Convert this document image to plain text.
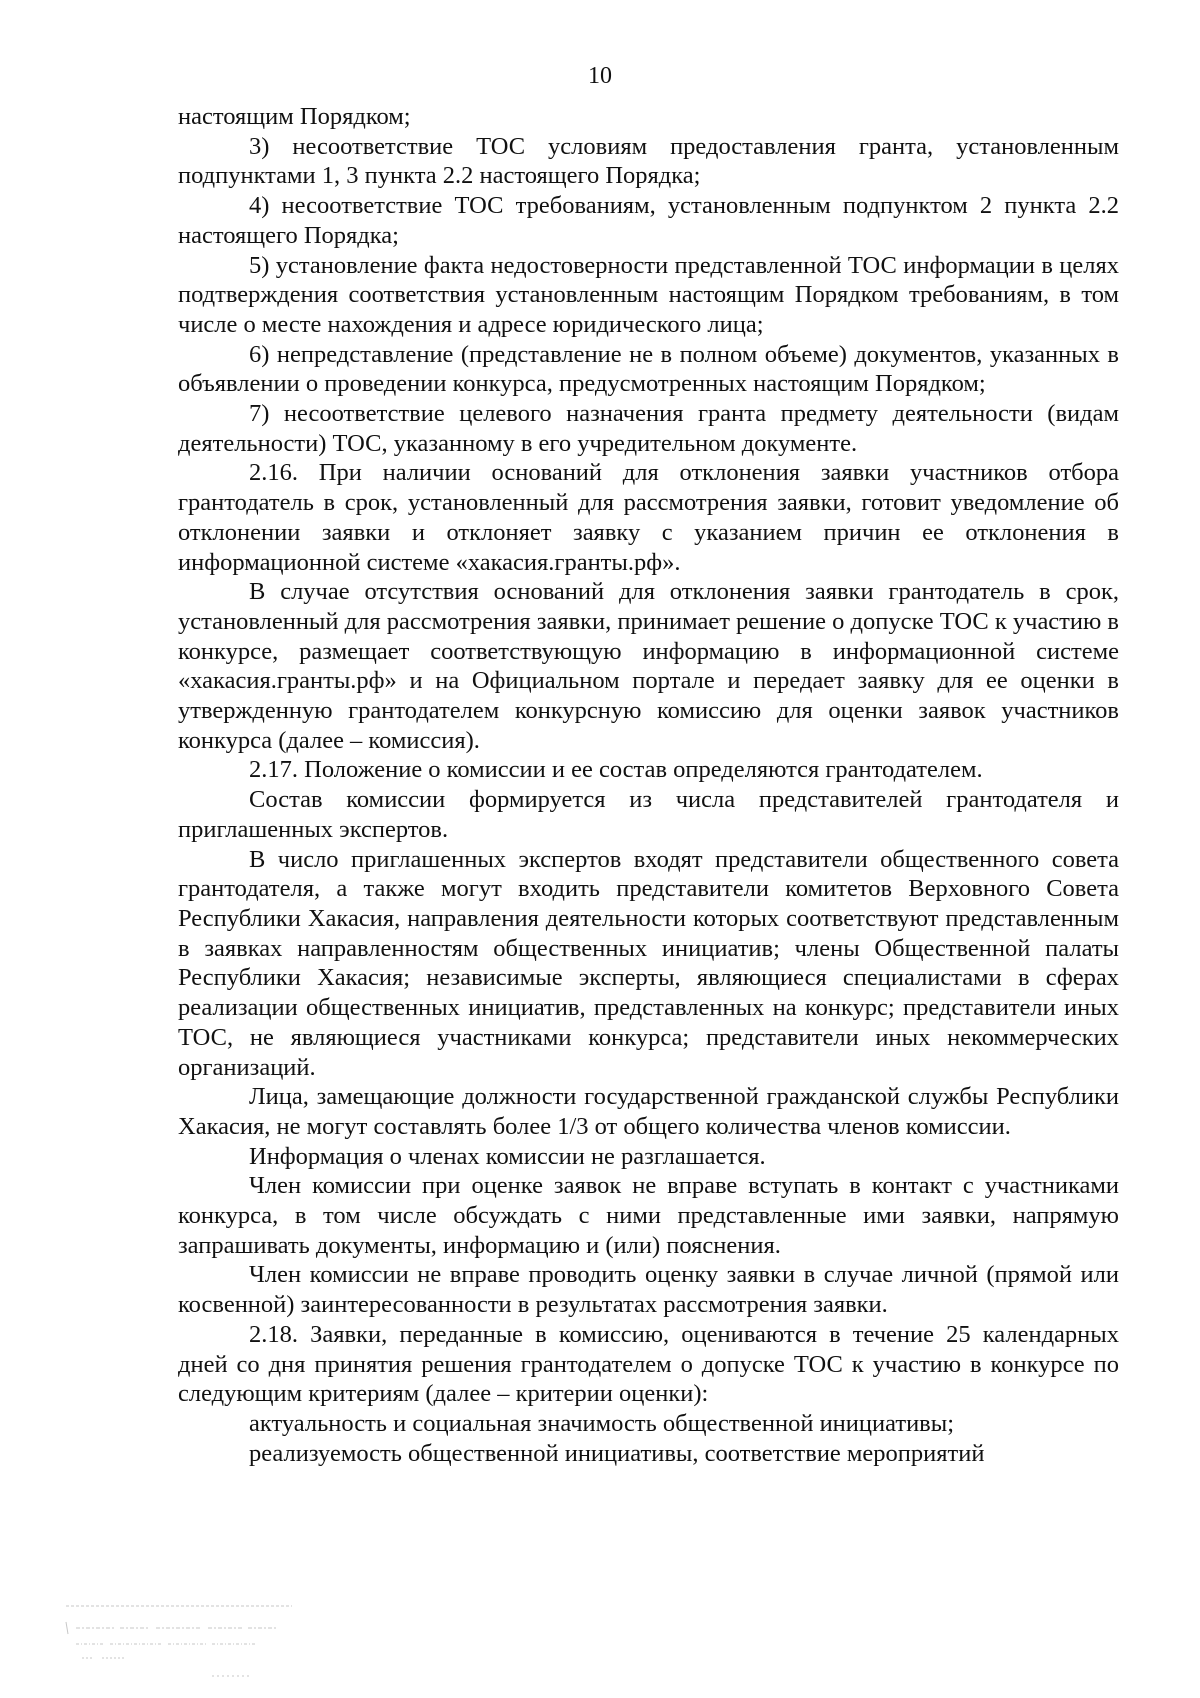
10

настоящим Порядком;

3) несоответствие ТОС условиям предоставления гранта, установленным подпунктами 1, 3 пункта 2.2 настоящего Порядка;

4) несоответствие ТОС требованиям, установленным подпунктом 2 пункта 2.2 настоящего Порядка;

5) установление факта недостоверности представленной ТОС информации в целях подтверждения соответствия установленным настоящим Порядком требованиям, в том числе о месте нахождения и адресе юридического лица;

6) непредставление (представление не в полном объеме) документов, указанных в объявлении о проведении конкурса, предусмотренных настоящим Порядком;

7) несоответствие целевого назначения гранта предмету деятельности (видам деятельности) ТОС, указанному в его учредительном документе.

2.16. При наличии оснований для отклонения заявки участников отбора грантодатель в срок, установленный для рассмотрения заявки, готовит уведомление об отклонении заявки и отклоняет заявку с указанием причин ее отклонения в информационной системе «хакасия.гранты.рф».

В случае отсутствия оснований для отклонения заявки грантодатель в срок, установленный для рассмотрения заявки, принимает решение о допуске ТОС к участию в конкурсе, размещает соответствующую информацию в информационной системе «хакасия.гранты.рф» и на Официальном портале и передает заявку для ее оценки в утвержденную грантодателем конкурсную комиссию для оценки заявок участников конкурса (далее – комиссия).

2.17. Положение о комиссии и ее состав определяются грантодателем.

Состав комиссии формируется из числа представителей грантодателя и приглашенных экспертов.

В число приглашенных экспертов входят представители общественного совета грантодателя, а также могут входить представители комитетов Верховного Совета Республики Хакасия, направления деятельности которых соответствуют представленным в заявках направленностям общественных инициатив; члены Общественной палаты Республики Хакасия; независимые эксперты, являющиеся специалистами в сферах реализации общественных инициатив, представленных на конкурс; представители иных ТОС, не являющиеся участниками конкурса; представители иных некоммерческих организаций.

Лица, замещающие должности государственной гражданской службы Республики Хакасия, не могут составлять более 1/3 от общего количества членов комиссии.

Информация о членах комиссии не разглашается.

Член комиссии при оценке заявок не вправе вступать в контакт с участниками конкурса, в том числе обсуждать с ними представленные ими заявки, напрямую запрашивать документы, информацию и (или) пояснения.

Член комиссии не вправе проводить оценку заявки в случае личной (прямой или косвенной) заинтересованности в результатах рассмотрения заявки.

2.18. Заявки, переданные в комиссию, оцениваются в течение 25 календарных дней со дня принятия решения грантодателем о допуске ТОС к участию в конкурсе по следующим критериям (далее – критерии оценки):

актуальность и социальная значимость общественной инициативы;

реализуемость общественной инициативы, соответствие мероприятий
